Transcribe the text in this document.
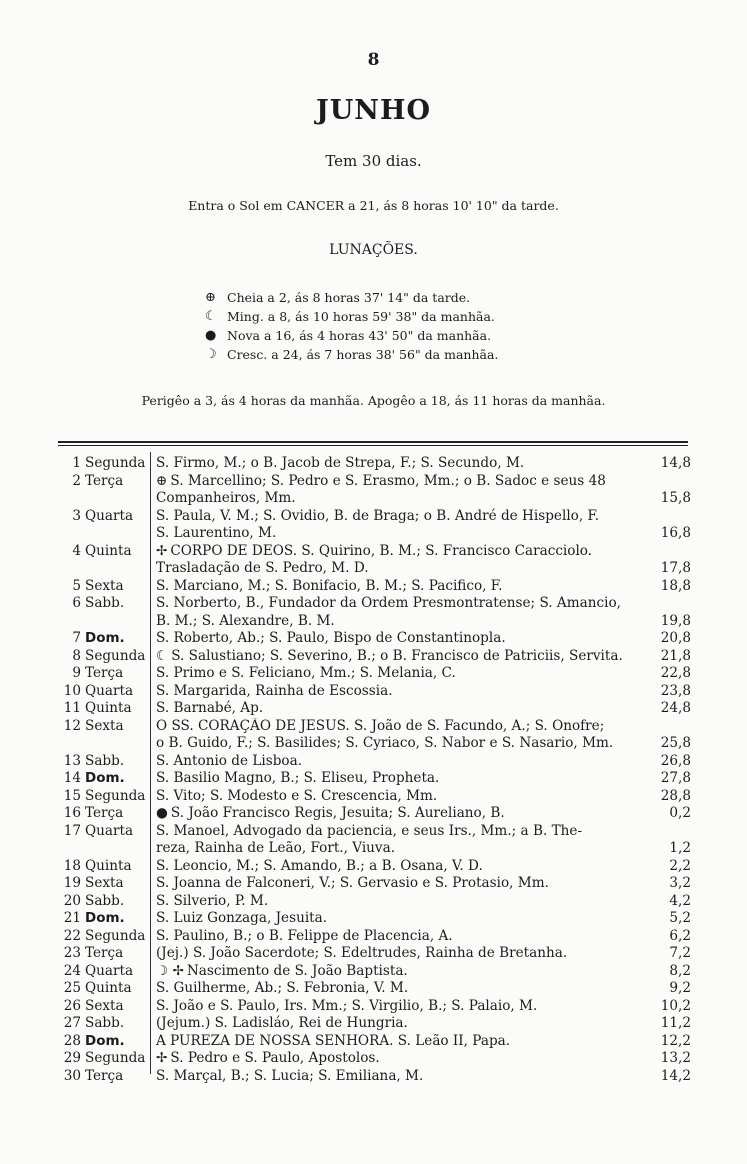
8
JUNHO
Tem 30 dias.
Entra o Sol em CANCER a 21, ás 8 horas 10' 10" da tarde.
LUNAÇÕES.
⊕ Cheia a 2, ás 8 horas 37' 14" da tarde.
☾ Ming. a 8, ás 10 horas 59' 38" da manhãa.
● Nova a 16, ás 4 horas 43' 50" da manhãa.
☽ Cresc. a 24, ás 7 horas 38' 56" da manhãa.
Perigêo a 3, ás 4 horas da manhãa. Apogêo a 18, ás 11 horas da manhãa.
1 Segunda S. Firmo, M.; o B. Jacob de Strepa, F.; S. Secundo, M.	14,8
2 Terça	⊕ S. Marcellino; S. Pedro e S. Erasmo, Mm.; o B. Sadoc e seus 48
Companheiros, Mm.	15,8
3 Quarta	S. Paula, V. M.; S. Ovidio, B. de Braga; o B. André de Hispello, F.
S. Laurentino, M.	16,8
4 Quinta	✢ CORPO DE DEOS. S. Quirino, B. M.; S. Francisco Caracciolo.
Trasladação de S. Pedro, M. D.	17,8
5 Sexta	S. Marciano, M.; S. Bonifacio, B. M.; S. Pacifico, F.	18,8
6 Sabb.	S. Norberto, B., Fundador da Ordem Presmontratense; S. Amancio,
B. M.; S. Alexandre, B. M.	19,8
7 Dom.	S. Roberto, Ab.; S. Paulo, Bispo de Constantinopla.	20,8
8 Segunda ☾ S. Salustiano; S. Severino, B.; o B. Francisco de Patriciis, Servita.	21,8
9 Terça	S. Primo e S. Feliciano, Mm.; S. Melania, C.	22,8
10 Quarta	S. Margarida, Rainha de Escossia.	23,8
11 Quinta	S. Barnabé, Ap.	24,8
12 Sexta	O SS. CORAÇÃO DE JESUS. S. João de S. Facundo, A.; S. Onofre;
o B. Guido, F.; S. Basilides; S. Cyriaco, S. Nabor e S. Nasario, Mm.	25,8
13 Sabb.	S. Antonio de Lisboa.	26,8
14 Dom.	S. Basilio Magno, B.; S. Eliseu, Propheta.	27,8
15 Segunda S. Vito; S. Modesto e S. Crescencia, Mm.	28,8
16 Terça	● S. João Francisco Regis, Jesuita; S. Aureliano, B.	0,2
17 Quarta	S. Manoel, Advogado da paciencia, e seus Irs., Mm.; a B. The-
reza, Rainha de Leão, Fort., Viuva.	1,2
18 Quinta	S. Leoncio, M.; S. Amando, B.; a B. Osana, V. D.	2,2
19 Sexta	S. Joanna de Falconeri, V.; S. Gervasio e S. Protasio, Mm.	3,2
20 Sabb.	S. Silverio, P. M.	4,2
21 Dom.	S. Luiz Gonzaga, Jesuita.	5,2
22 Segunda S. Paulino, B.; o B. Felippe de Placencia, A.	6,2
23 Terça	(Jej.) S. João Sacerdote; S. Edeltrudes, Rainha de Bretanha.	7,2
24 Quarta	☽ ✢ Nascimento de S. João Baptista.	8,2
25 Quinta	S. Guilherme, Ab.; S. Febronia, V. M.	9,2
26 Sexta	S. João e S. Paulo, Irs. Mm.; S. Virgilio, B.; S. Palaio, M.	10,2
27 Sabb.	(Jejum.) S. Ladisláo, Rei de Hungria.	11,2
28 Dom.	A PUREZA DE NOSSA SENHORA. S. Leão II, Papa.	12,2
29 Segunda ✢ S. Pedro e S. Paulo, Apostolos.	13,2
30 Terça	S. Marçal, B.; S. Lucia; S. Emiliana, M.	14,2
